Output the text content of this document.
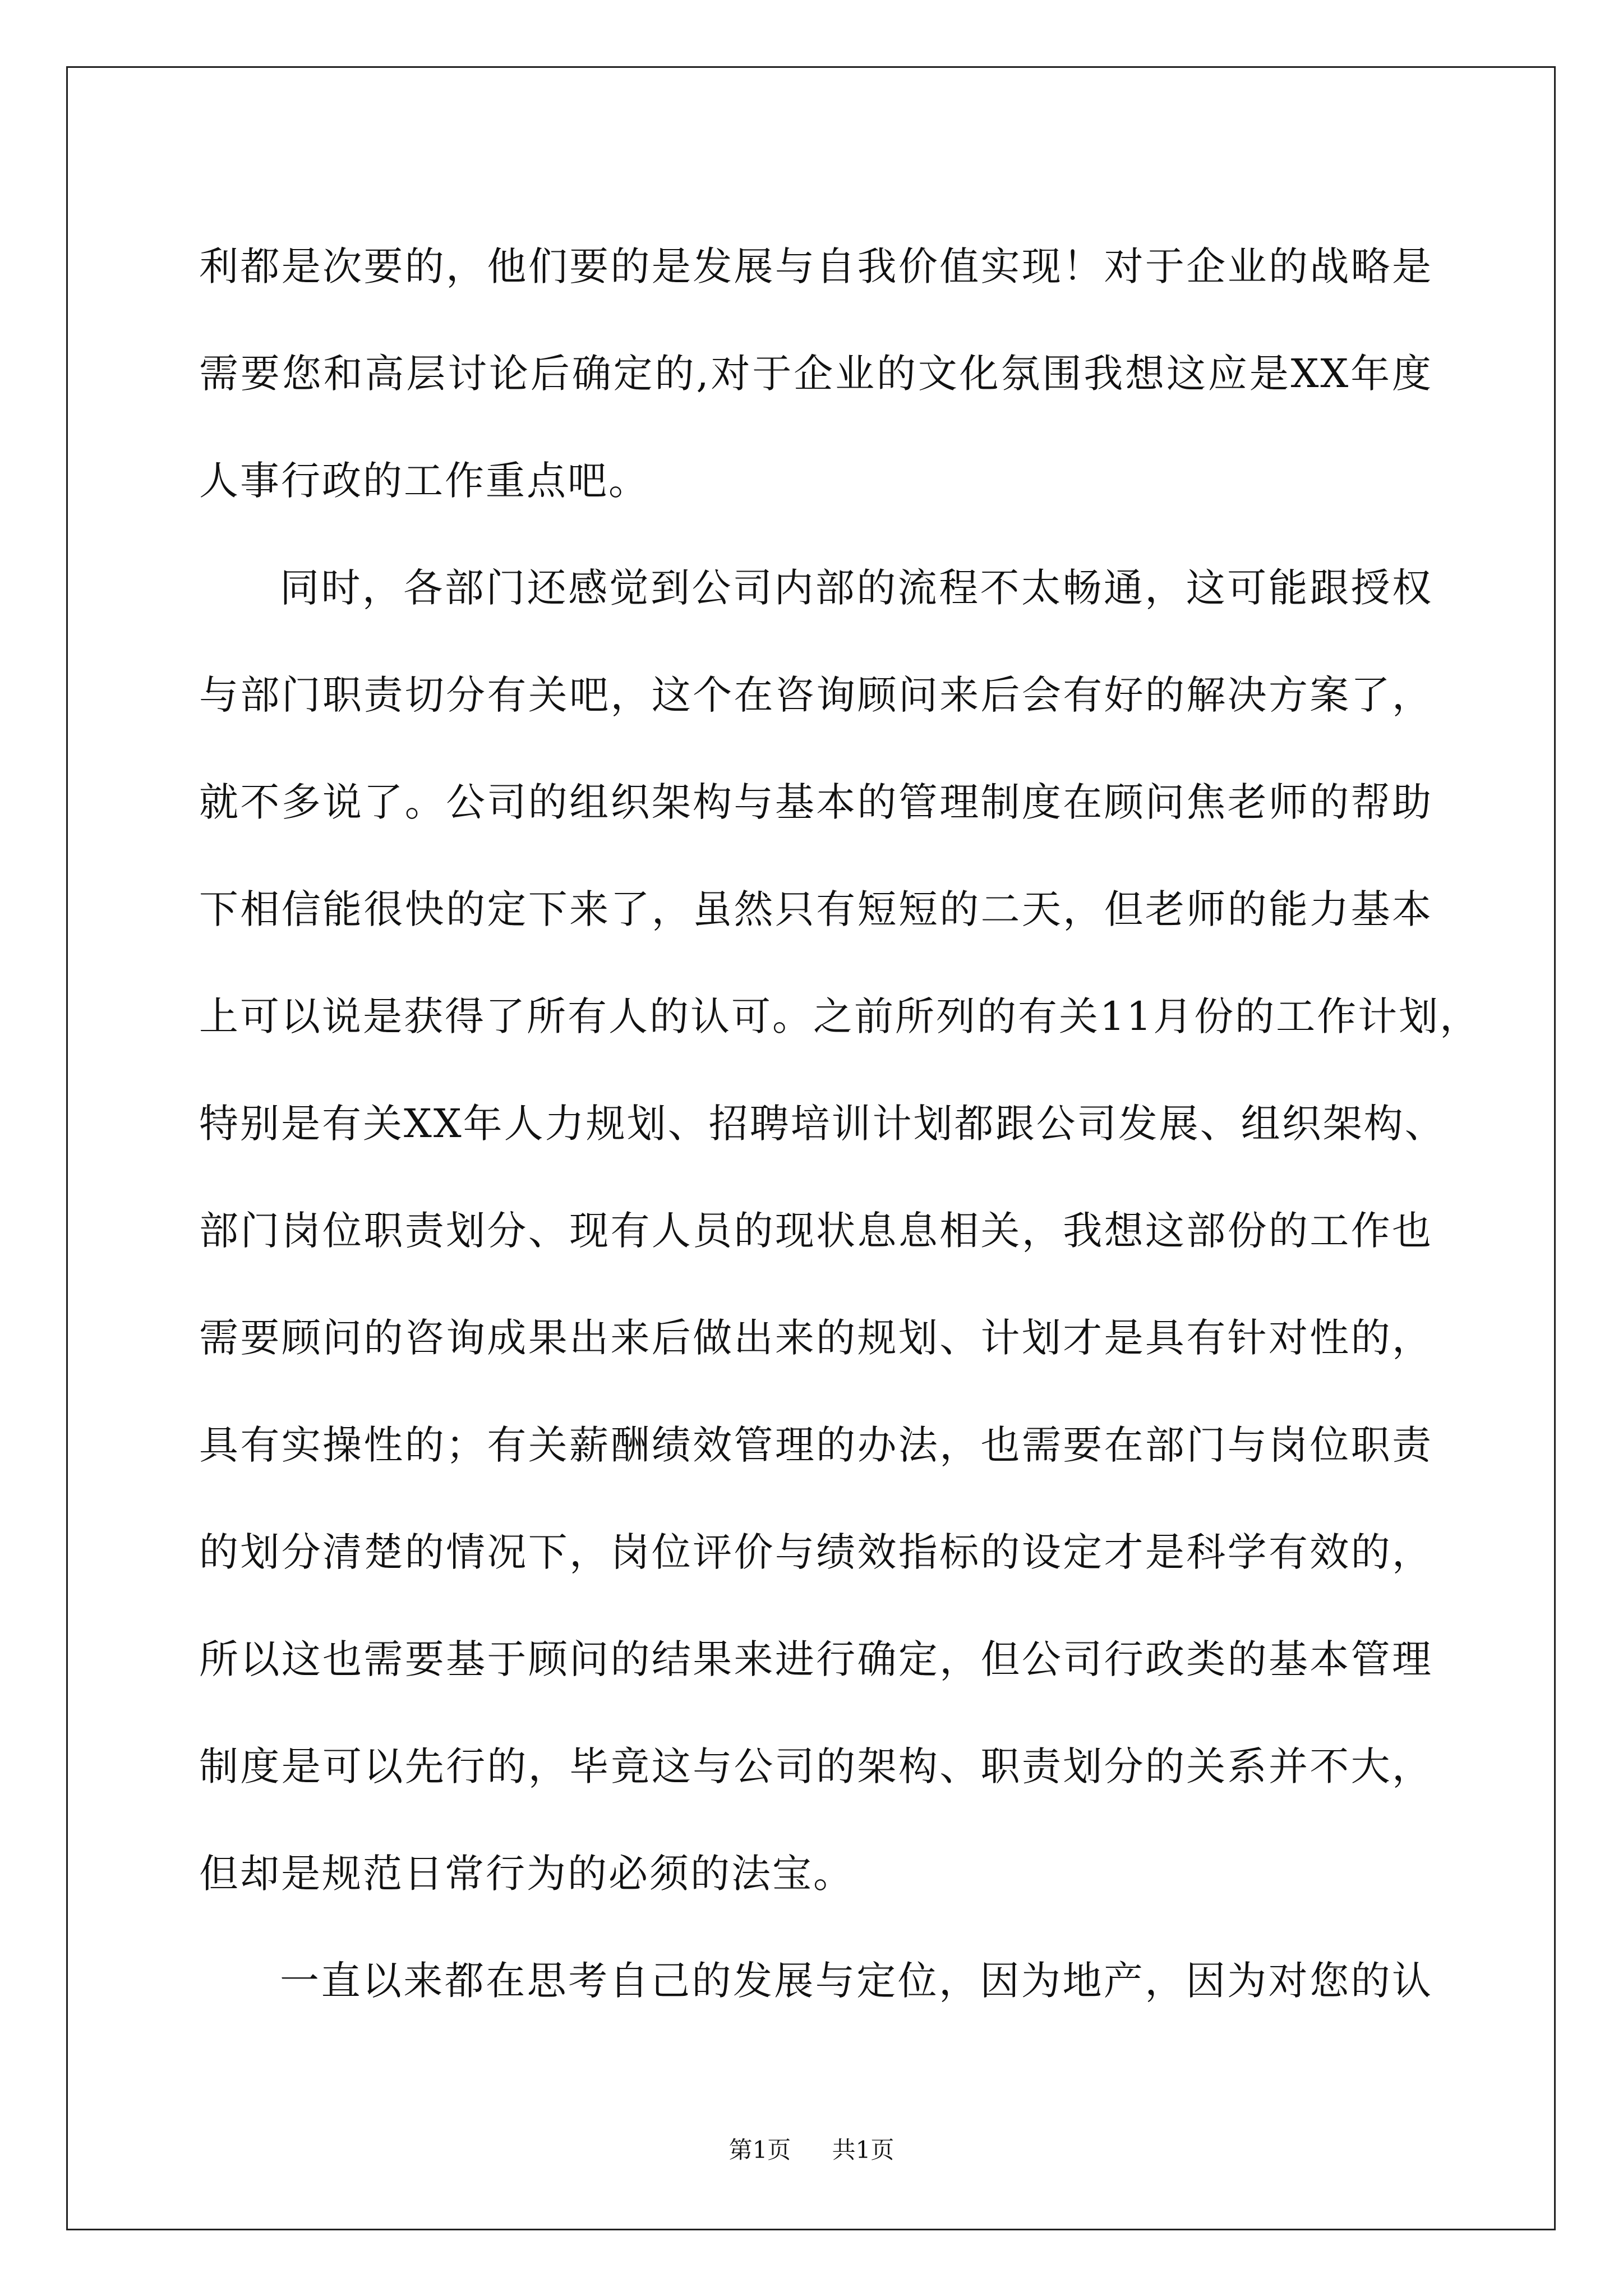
利都是次要的，他们要的是发展与自我价值实现！对于企业的战略是
需要您和高层讨论后确定的,对于企业的文化氛围我想这应是XX年度
人事行政的工作重点吧。
同时，各部门还感觉到公司内部的流程不太畅通，这可能跟授权
与部门职责切分有关吧，这个在咨询顾问来后会有好的解决方案了，
就不多说了。公司的组织架构与基本的管理制度在顾问焦老师的帮助
下相信能很快的定下来了，虽然只有短短的二天，但老师的能力基本
上可以说是获得了所有人的认可。之前所列的有关11月份的工作计划，
特别是有关XX年人力规划、招聘培训计划都跟公司发展、组织架构、
部门岗位职责划分、现有人员的现状息息相关，我想这部份的工作也
需要顾问的咨询成果出来后做出来的规划、计划才是具有针对性的，
具有实操性的；有关薪酬绩效管理的办法，也需要在部门与岗位职责
的划分清楚的情况下，岗位评价与绩效指标的设定才是科学有效的，
所以这也需要基于顾问的结果来进行确定，但公司行政类的基本管理
制度是可以先行的，毕竟这与公司的架构、职责划分的关系并不大，
但却是规范日常行为的必须的法宝。
一直以来都在思考自己的发展与定位，因为地产，因为对您的认
第1页 共1页
